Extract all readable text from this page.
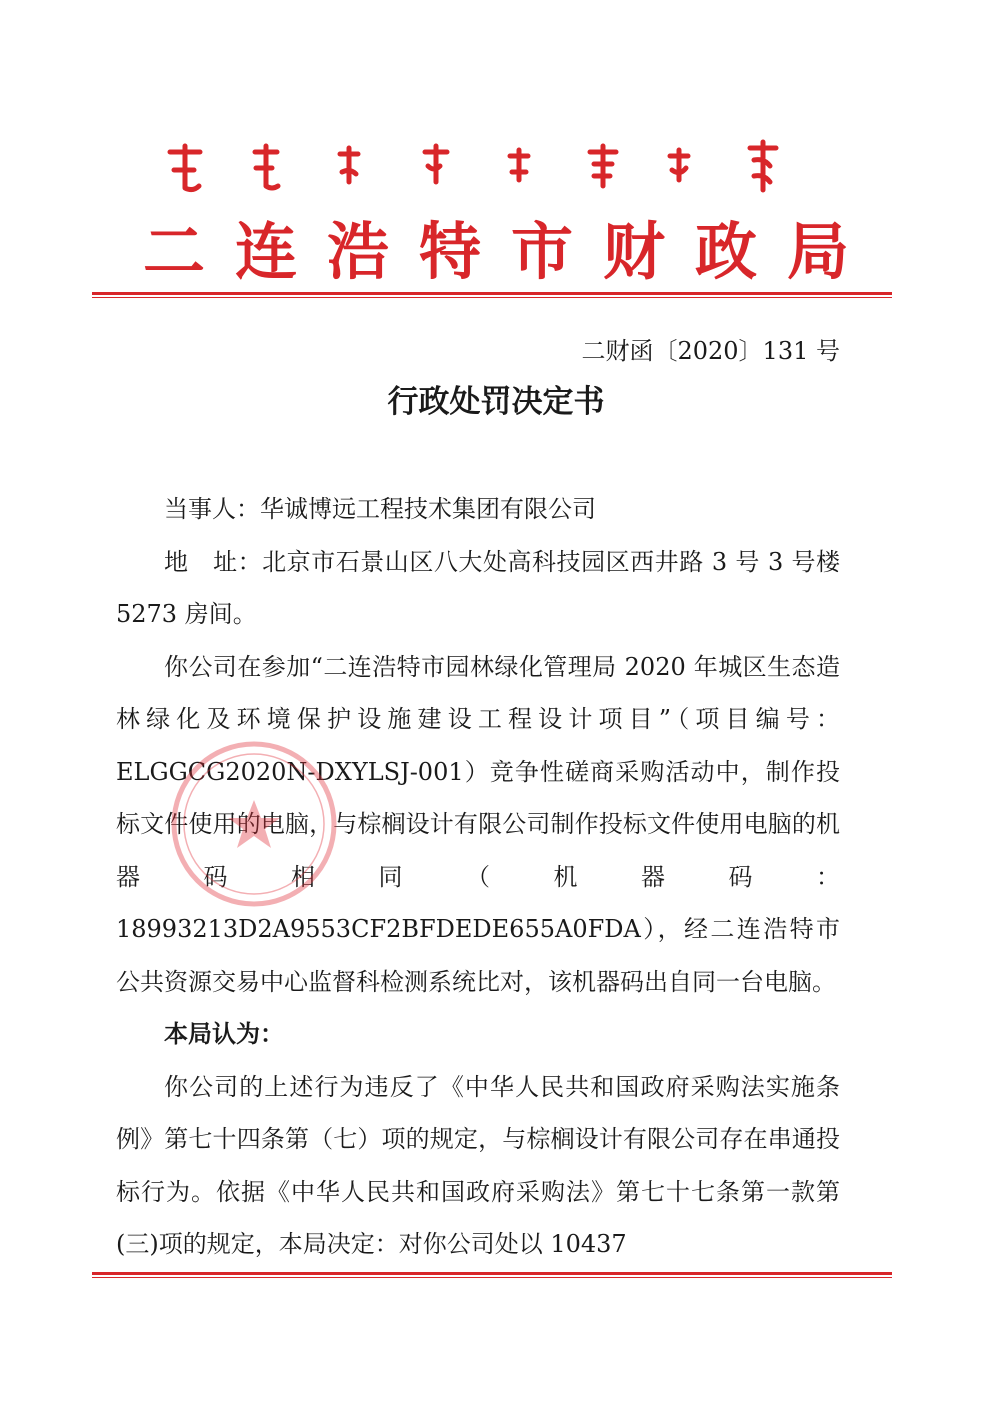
二连浩特市财政局
二财函〔2020〕131 号
行政处罚决定书

当事人：华诚博远工程技术集团有限公司

地　址：北京市石景山区八大处高科技园区西井路 3 号 3 号楼 5273 房间。

你公司在参加“二连浩特市园林绿化管理局 2020 年城区生态造林绿化及环境保护设施建设工程设计项目”（项目编号：ELGGCG2020N-DXYLSJ-001）竞争性磋商采购活动中，制作投标文件使用的电脑，与棕榈设计有限公司制作投标文件使用电脑的机器码相同（机器码：18993213D2A9553CF2BFDEDE655A0FDA），经二连浩特市公共资源交易中心监督科检测系统比对，该机器码出自同一台电脑。

本局认为：

你公司的上述行为违反了《中华人民共和国政府采购法实施条例》第七十四条第（七）项的规定，与棕榈设计有限公司存在串通投标行为。依据《中华人民共和国政府采购法》第七十七条第一款第(三)项的规定，本局决定：对你公司处以 10437
